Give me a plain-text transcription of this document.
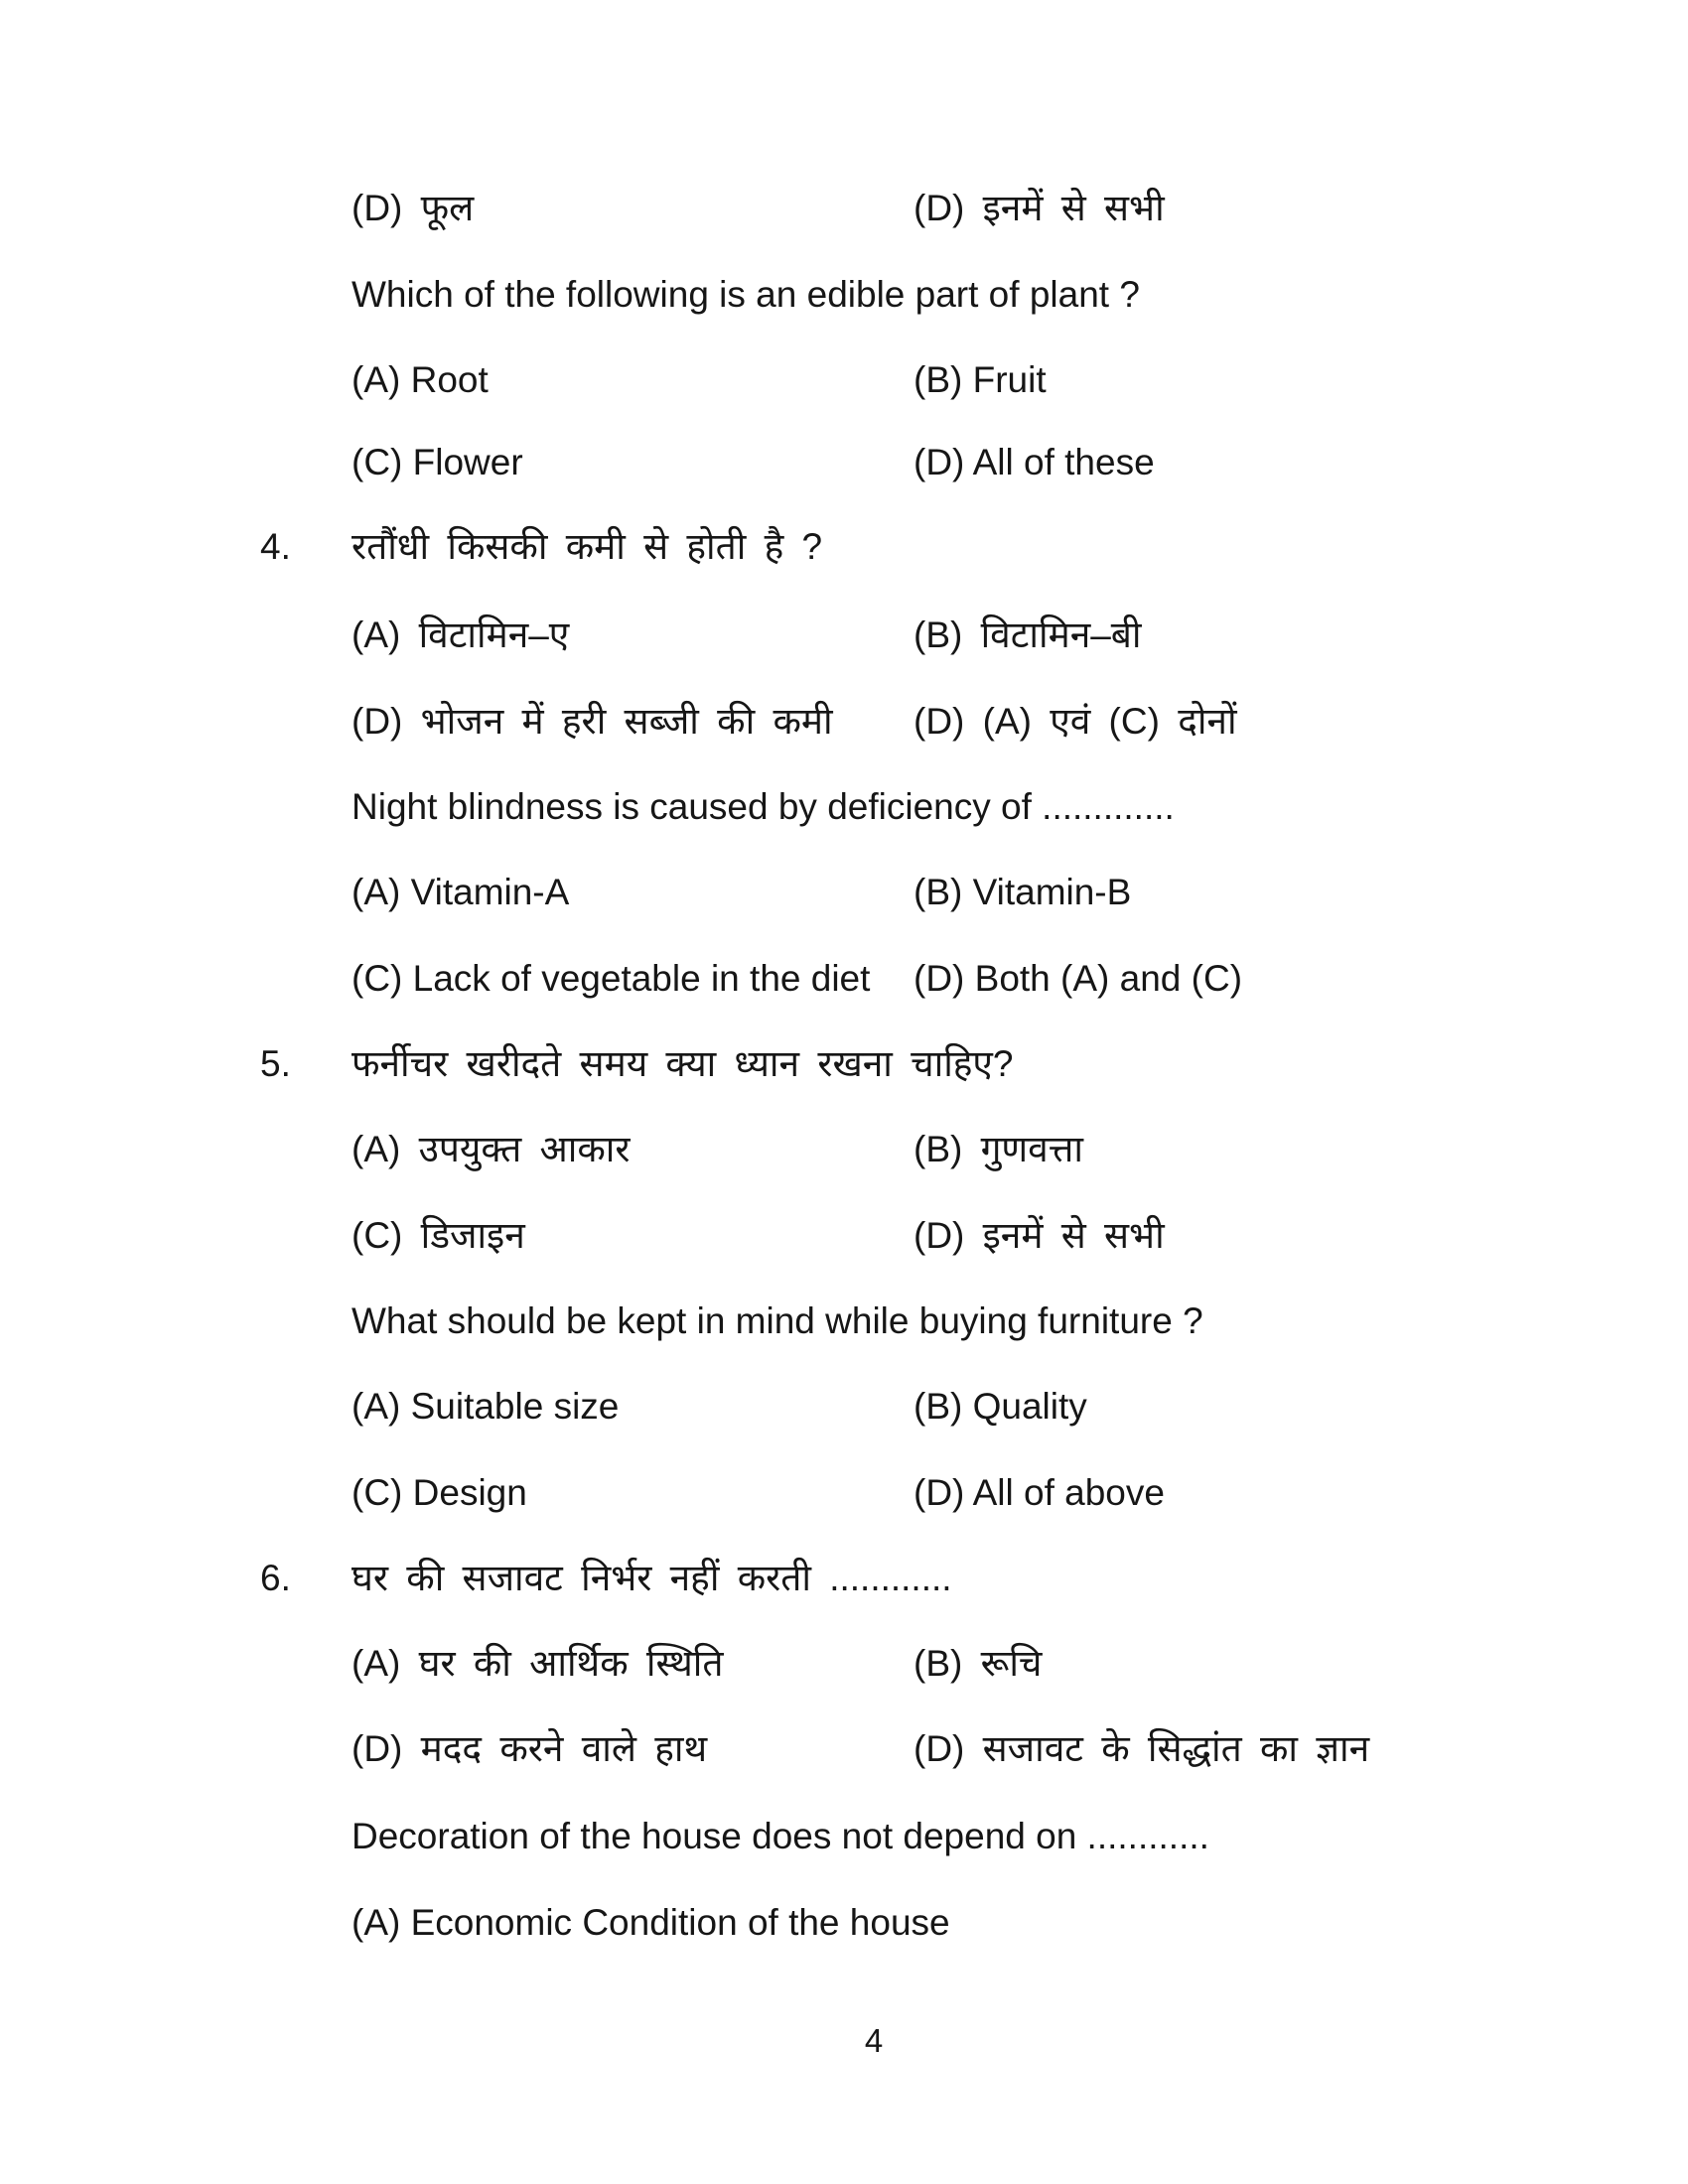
(D) फूल	(D) इनमें से सभी
Which of the following is an edible part of plant ?
(A) Root	(B) Fruit
(C) Flower	(D) All of these
4. रतौंधी किसकी कमी से होती है ?
(A) विटामिन–ए	(B) विटामिन–बी
(D) भोजन में हरी सब्जी की कमी (D) (A) एवं (C) दोनों
Night blindness is caused by deficiency of .............
(A) Vitamin-A	(B) Vitamin-B
(C) Lack of vegetable in the diet (D) Both (A) and (C)
5. फर्नीचर खरीदते समय क्या ध्यान रखना चाहिए?
(A) उपयुक्त आकार	(B) गुणवत्ता
(C) डिजाइन	(D) इनमें से सभी
What should be kept in mind while buying furniture ?
(A) Suitable size	(B) Quality
(C) Design	(D) All of above
6. घर की सजावट निर्भर नहीं करती ............
(A) घर की आर्थिक स्थिति	(B) रूचि
(D) मदद करने वाले हाथ	(D) सजावट के सिद्धांत का ज्ञान
Decoration of the house does not depend on ............
(A) Economic Condition of the house
4
